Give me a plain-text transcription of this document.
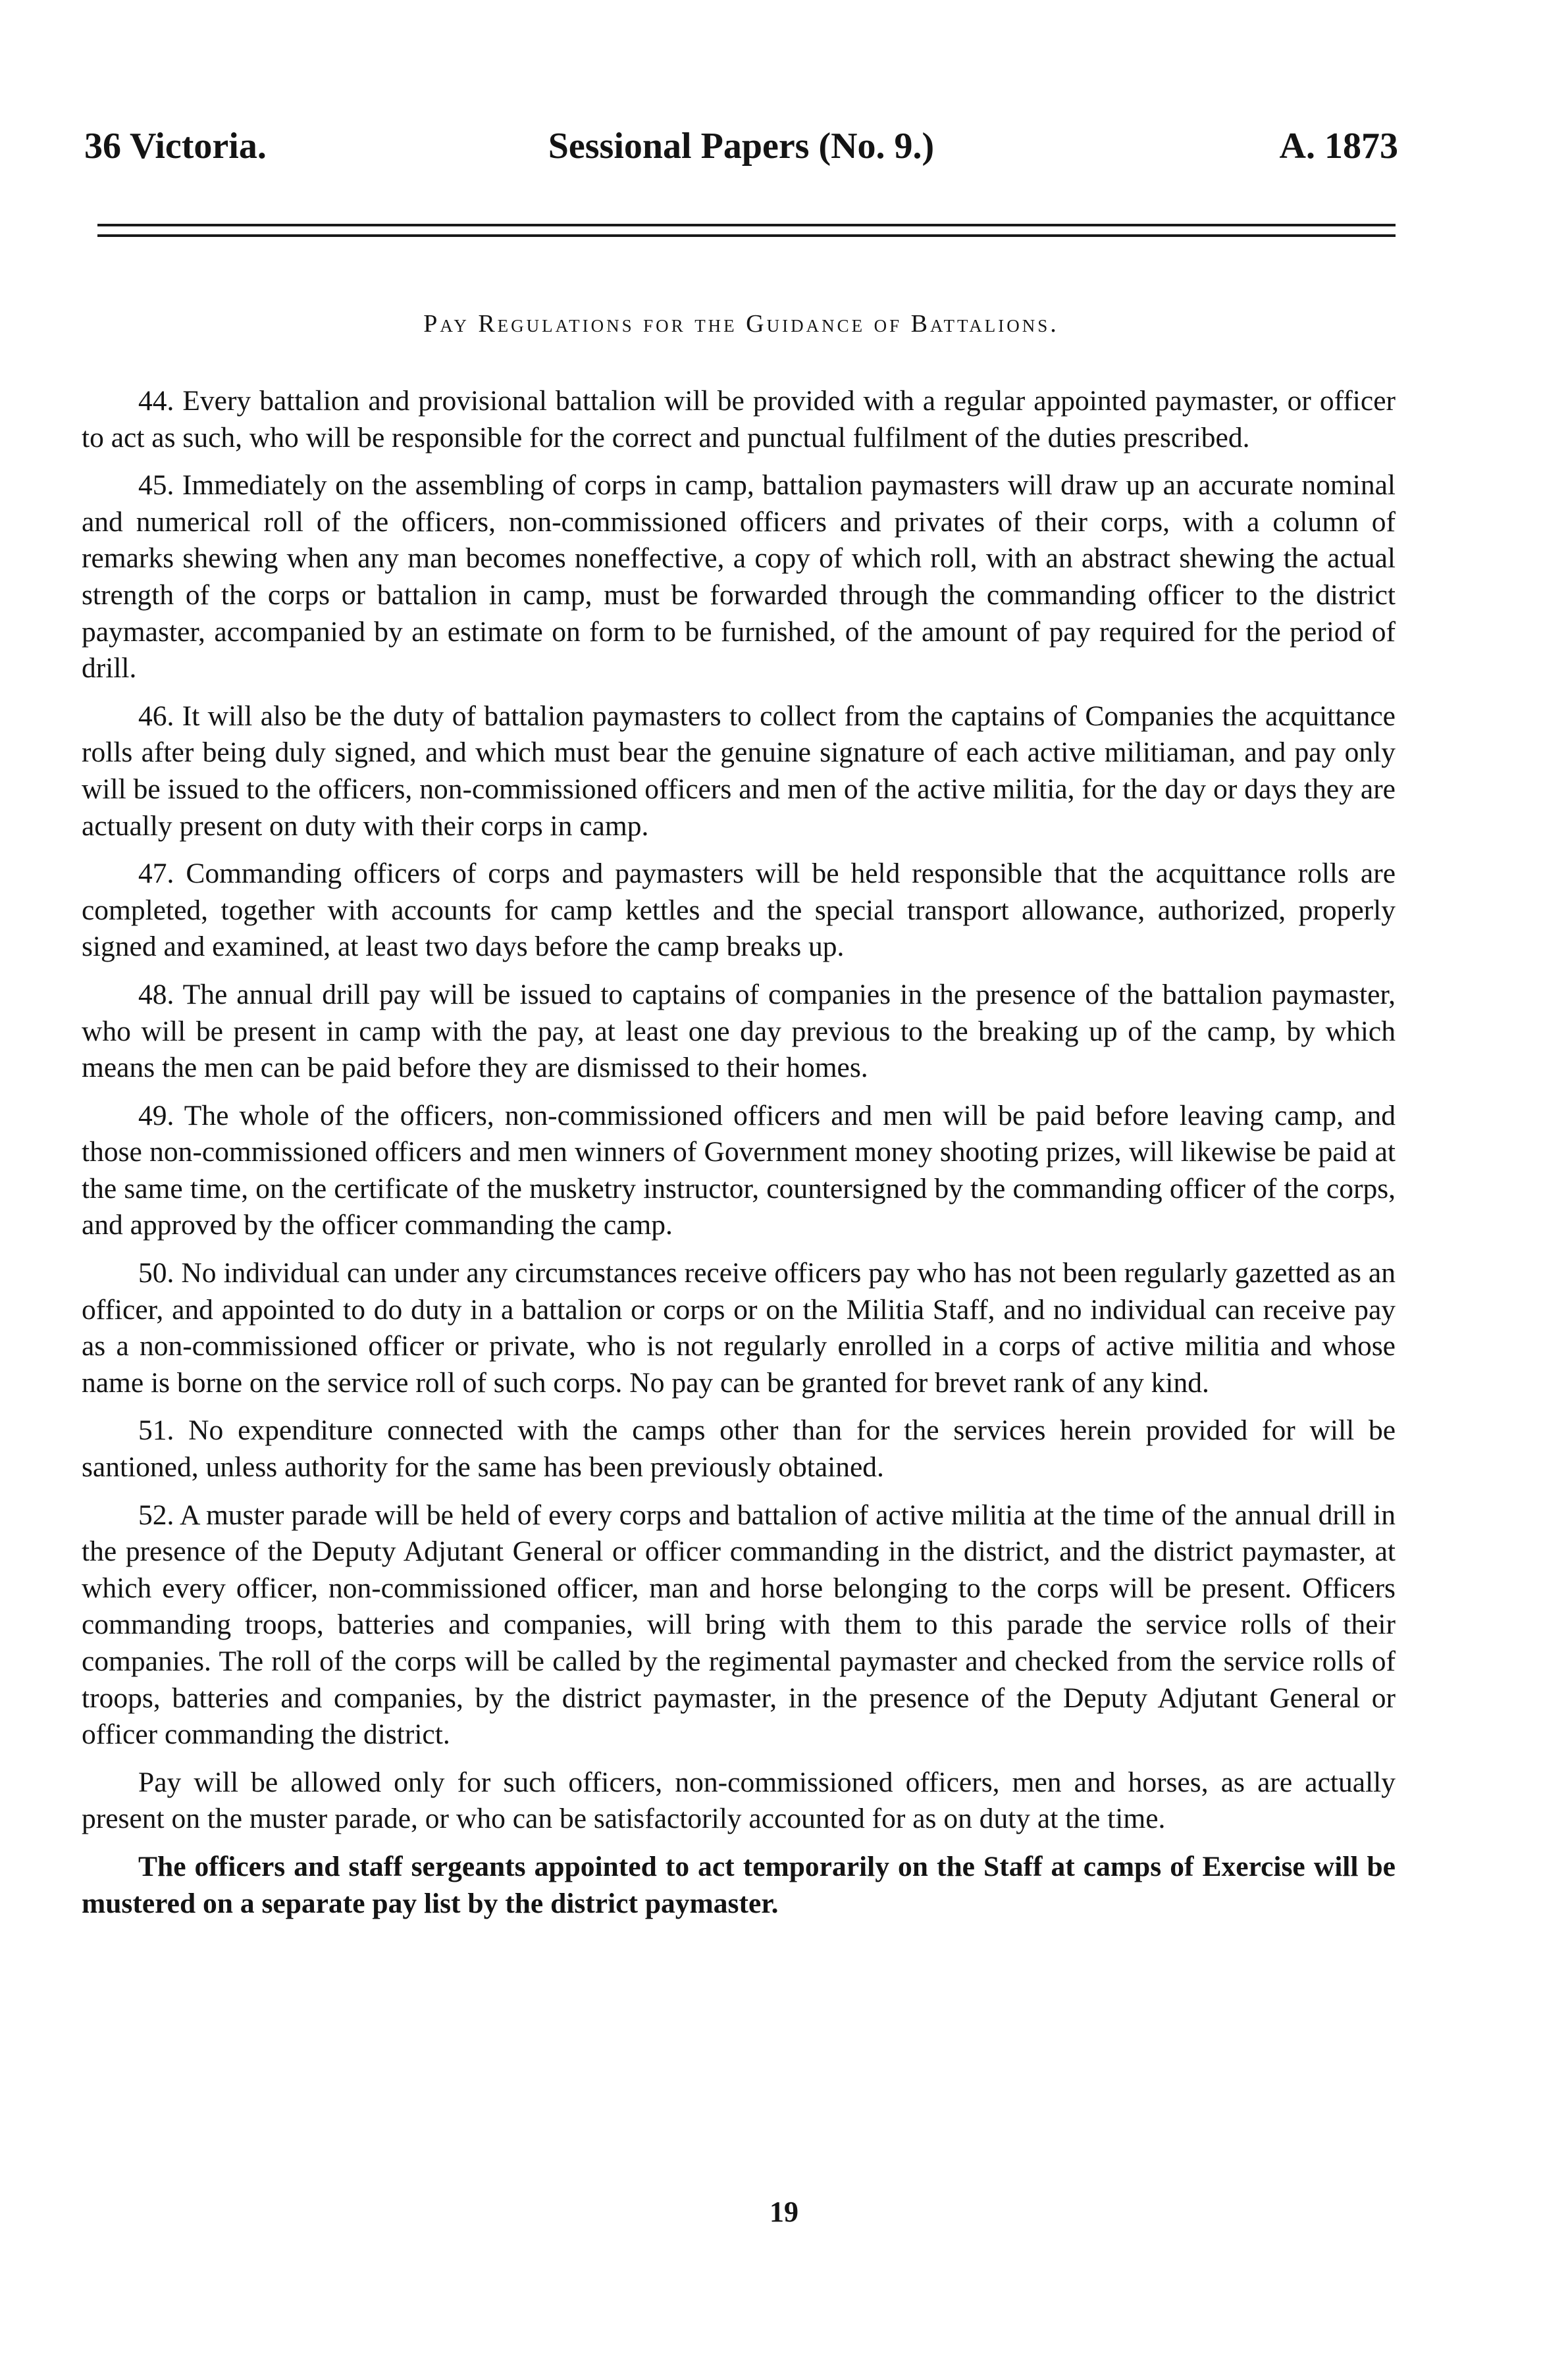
36 Victoria.	Sessional Papers (No. 9.)	A. 1873
Pay Regulations for the Guidance of Battalions.

44. Every battalion and provisional battalion will be provided with a regular appointed paymaster, or officer to act as such, who will be responsible for the correct and punctual fulfilment of the duties prescribed.

45. Immediately on the assembling of corps in camp, battalion paymasters will draw up an accurate nominal and numerical roll of the officers, non-commissioned officers and privates of their corps, with a column of remarks shewing when any man becomes noneffective, a copy of which roll, with an abstract shewing the actual strength of the corps or battalion in camp, must be forwarded through the commanding officer to the district paymaster, accompanied by an estimate on form to be furnished, of the amount of pay required for the period of drill.

46. It will also be the duty of battalion paymasters to collect from the captains of Companies the acquittance rolls after being duly signed, and which must bear the genuine signature of each active militiaman, and pay only will be issued to the officers, non-commissioned officers and men of the active militia, for the day or days they are actually present on duty with their corps in camp.

47. Commanding officers of corps and paymasters will be held responsible that the acquittance rolls are completed, together with accounts for camp kettles and the special transport allowance, authorized, properly signed and examined, at least two days before the camp breaks up.

48. The annual drill pay will be issued to captains of companies in the presence of the battalion paymaster, who will be present in camp with the pay, at least one day previous to the breaking up of the camp, by which means the men can be paid before they are dismissed to their homes.

49. The whole of the officers, non-commissioned officers and men will be paid before leaving camp, and those non-commissioned officers and men winners of Government money shooting prizes, will likewise be paid at the same time, on the certificate of the musketry instructor, countersigned by the commanding officer of the corps, and approved by the officer commanding the camp.

50. No individual can under any circumstances receive officers pay who has not been regularly gazetted as an officer, and appointed to do duty in a battalion or corps or on the Militia Staff, and no individual can receive pay as a non-commissioned officer or private, who is not regularly enrolled in a corps of active militia and whose name is borne on the service roll of such corps. No pay can be granted for brevet rank of any kind.

51. No expenditure connected with the camps other than for the services herein provided for will be santioned, unless authority for the same has been previously obtained.

52. A muster parade will be held of every corps and battalion of active militia at the time of the annual drill in the presence of the Deputy Adjutant General or officer commanding in the district, and the district paymaster, at which every officer, non-commissioned officer, man and horse belonging to the corps will be present. Officers commanding troops, batteries and companies, will bring with them to this parade the service rolls of their companies. The roll of the corps will be called by the regimental paymaster and checked from the service rolls of troops, batteries and companies, by the district paymaster, in the presence of the Deputy Adjutant General or officer commanding the district.

Pay will be allowed only for such officers, non-commissioned officers, men and horses, as are actually present on the muster parade, or who can be satisfactorily accounted for as on duty at the time.

The officers and staff sergeants appointed to act temporarily on the Staff at camps of Exercise will be mustered on a separate pay list by the district paymaster.

19
